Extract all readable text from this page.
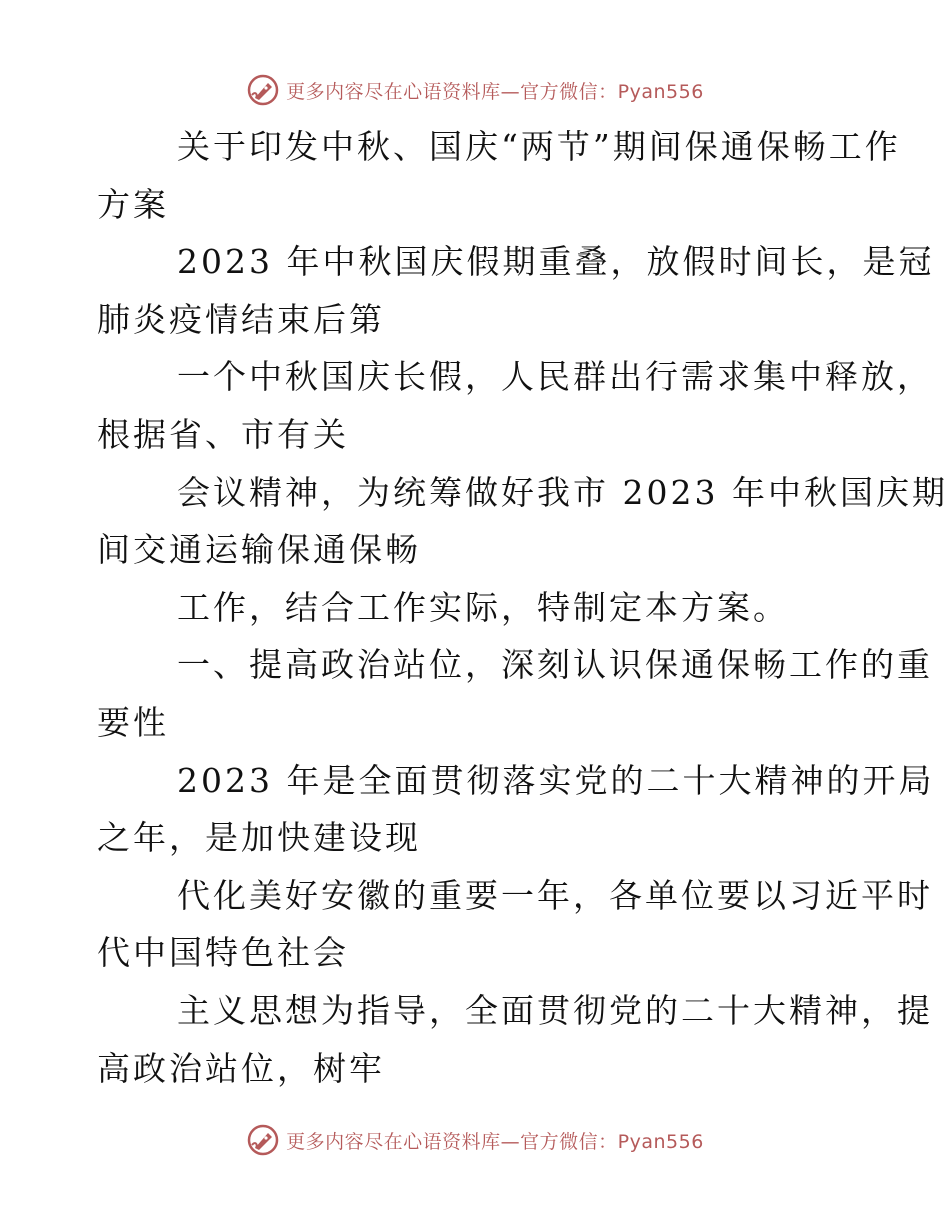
更多内容尽在心语资料库—官方微信：Pyan556

关于印发中秋、国庆“两节”期间保通保畅工作
方案

2023 年中秋国庆假期重叠，放假时间长，是冠
肺炎疫情结束后第

一个中秋国庆长假，人民群出行需求集中释放，
根据省、市有关

会议精神，为统筹做好我市 2023 年中秋国庆期
间交通运输保通保畅

工作，结合工作实际，特制定本方案。

一、提高政治站位，深刻认识保通保畅工作的重
要性

2023 年是全面贯彻落实党的二十大精神的开局
之年，是加快建设现

代化美好安徽的重要一年，各单位要以习近平时
代中国特色社会

主义思想为指导，全面贯彻党的二十大精神，提
高政治站位，树牢

更多内容尽在心语资料库—官方微信：Pyan556
